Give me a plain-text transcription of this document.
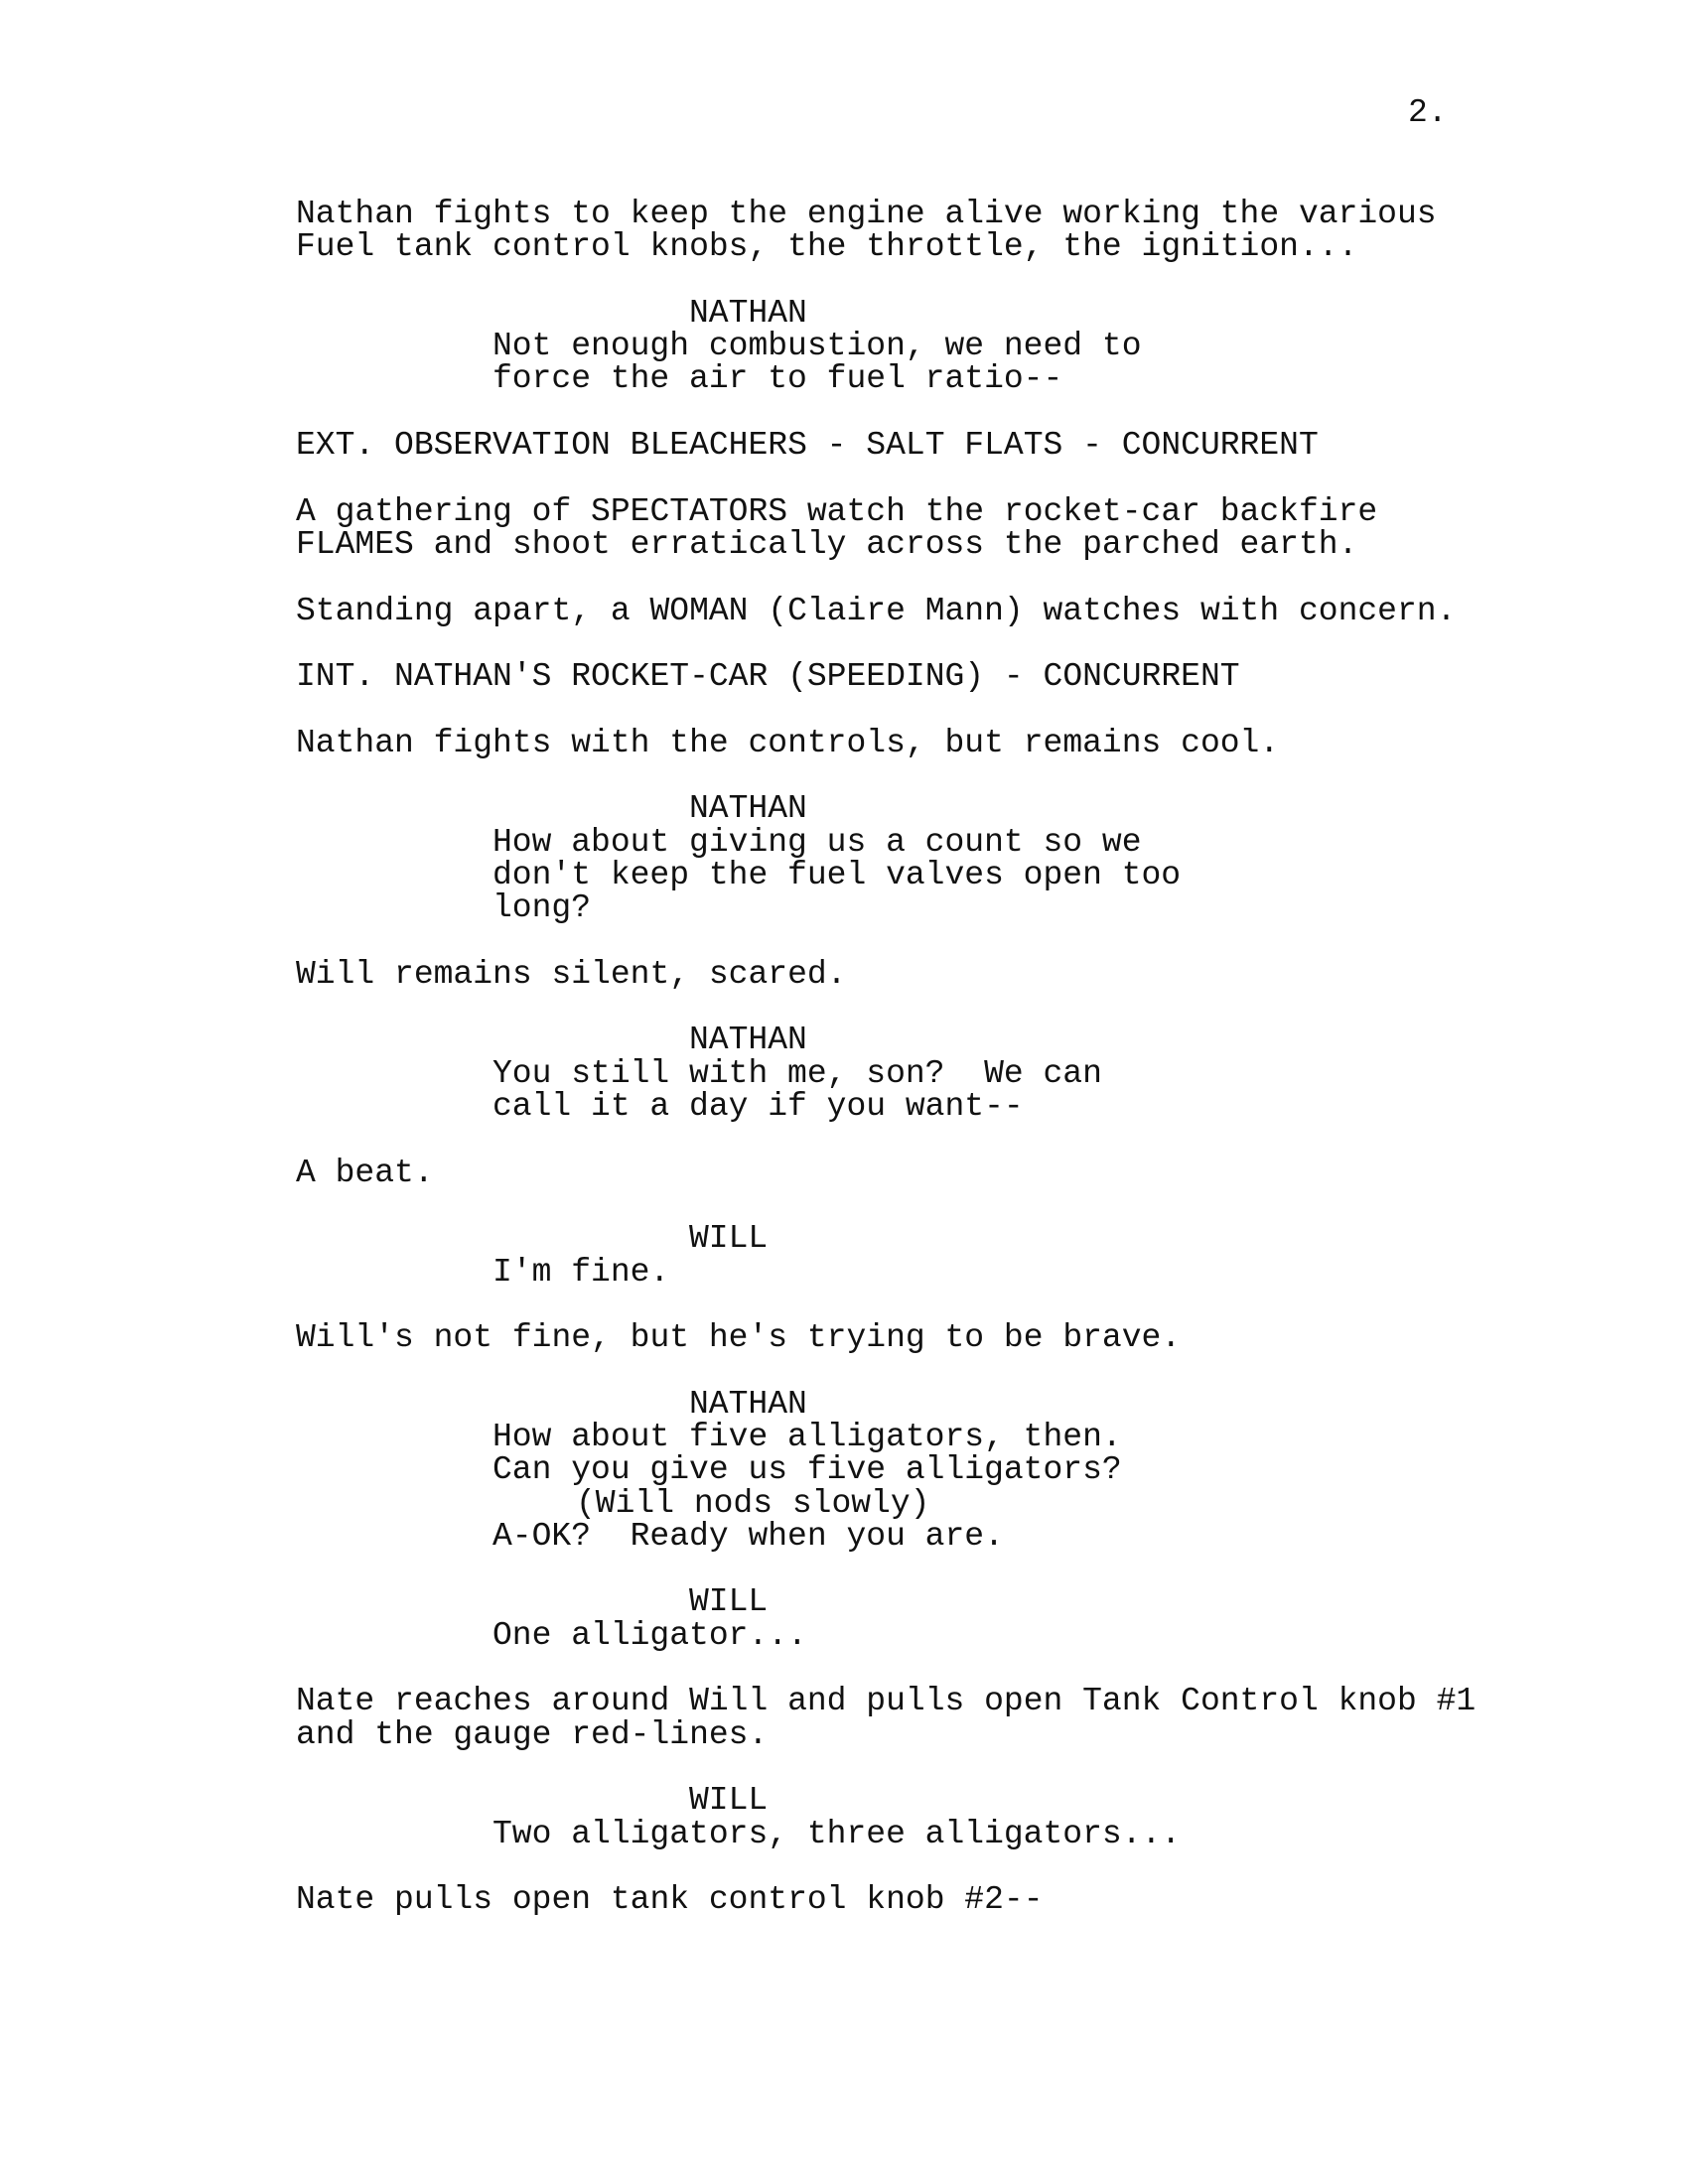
2.
Nathan fights to keep the engine alive working the various
Fuel tank control knobs, the throttle, the ignition...
NATHAN
Not enough combustion, we need to
force the air to fuel ratio--
EXT. OBSERVATION BLEACHERS - SALT FLATS - CONCURRENT
A gathering of SPECTATORS watch the rocket-car backfire
FLAMES and shoot erratically across the parched earth.
Standing apart, a WOMAN (Claire Mann) watches with concern.
INT. NATHAN'S ROCKET-CAR (SPEEDING) - CONCURRENT
Nathan fights with the controls, but remains cool.
NATHAN
How about giving us a count so we
don't keep the fuel valves open too
long?
Will remains silent, scared.
NATHAN
You still with me, son?  We can
call it a day if you want--
A beat.
WILL
I'm fine.
Will's not fine, but he's trying to be brave.
NATHAN
How about five alligators, then.
Can you give us five alligators?
(Will nods slowly)
A-OK?  Ready when you are.
WILL
One alligator...
Nate reaches around Will and pulls open Tank Control knob #1
and the gauge red-lines.
WILL
Two alligators, three alligators...
Nate pulls open tank control knob #2--
